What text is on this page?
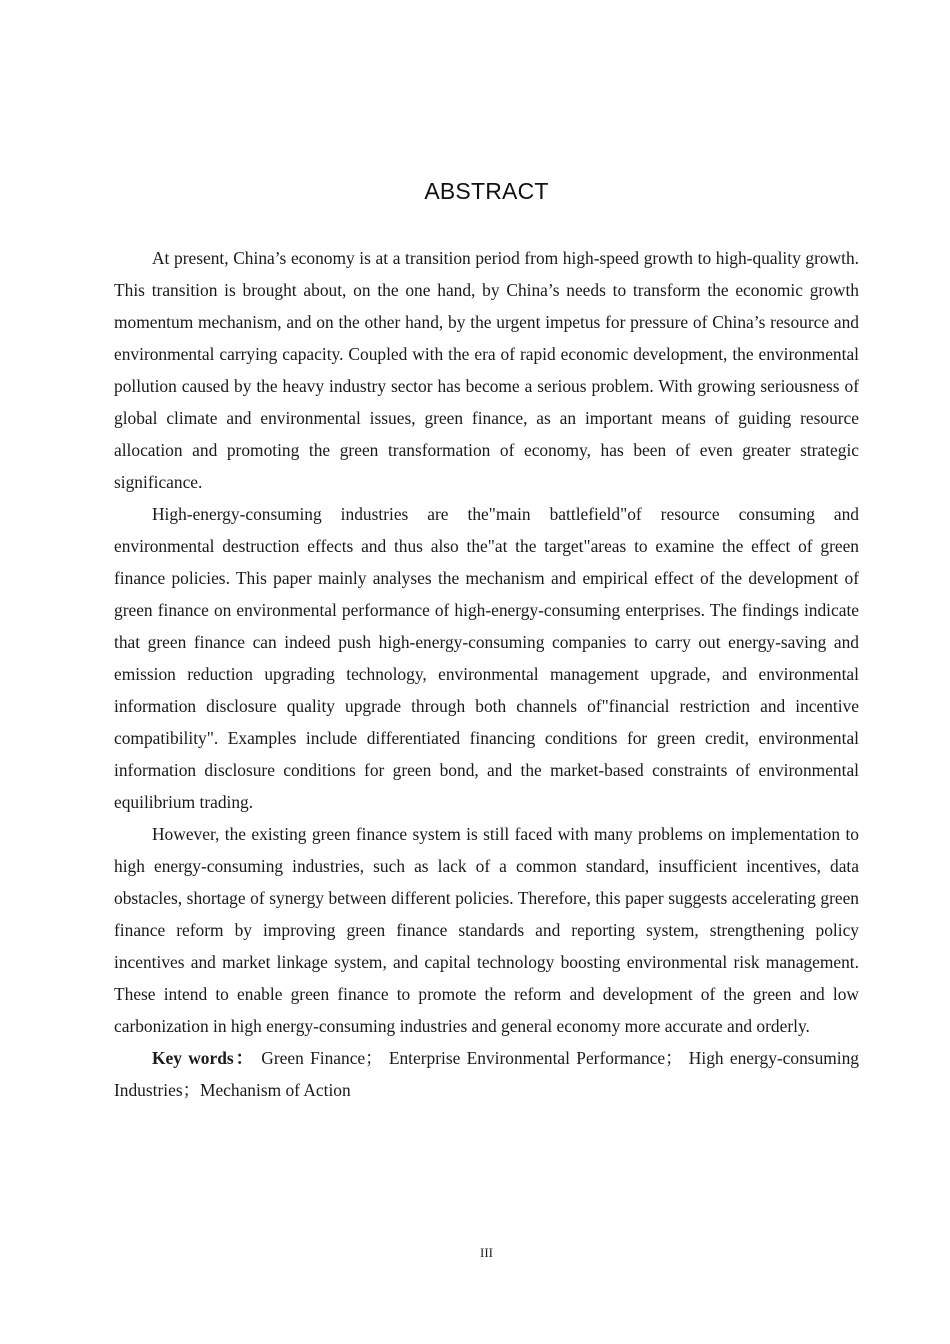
ABSTRACT

At present, China’s economy is at a transition period from high-speed growth to high-quality growth. This transition is brought about, on the one hand, by China’s needs to transform the economic growth momentum mechanism, and on the other hand, by the urgent impetus for pressure of China’s resource and environmental carrying capacity. Coupled with the era of rapid economic development, the environmental pollution caused by the heavy industry sector has become a serious problem. With growing seriousness of global climate and environmental issues, green finance, as an important means of guiding resource allocation and promoting the green transformation of economy, has been of even greater strategic significance.

High-energy-consuming industries are the"main battlefield"of resource consuming and environmental destruction effects and thus also the"at the target"areas to examine the effect of green finance policies. This paper mainly analyses the mechanism and empirical effect of the development of green finance on environmental performance of high-energy-consuming enterprises. The findings indicate that green finance can indeed push high-energy-consuming companies to carry out energy-saving and emission reduction upgrading technology, environmental management upgrade, and environmental information disclosure quality upgrade through both channels of"financial restriction and incentive compatibility". Examples include differentiated financing conditions for green credit, environmental information disclosure conditions for green bond, and the market-based constraints of environmental equilibrium trading.

However, the existing green finance system is still faced with many problems on implementation to high energy-consuming industries, such as lack of a common standard, insufficient incentives, data obstacles, shortage of synergy between different policies. Therefore, this paper suggests accelerating green finance reform by improving green finance standards and reporting system, strengthening policy incentives and market linkage system, and capital technology boosting environmental risk management. These intend to enable green finance to promote the reform and development of the green and low carbonization in high energy-consuming industries and general economy more accurate and orderly.

Key words： Green Finance； Enterprise Environmental Performance； High energy-consuming Industries；Mechanism of Action

III
